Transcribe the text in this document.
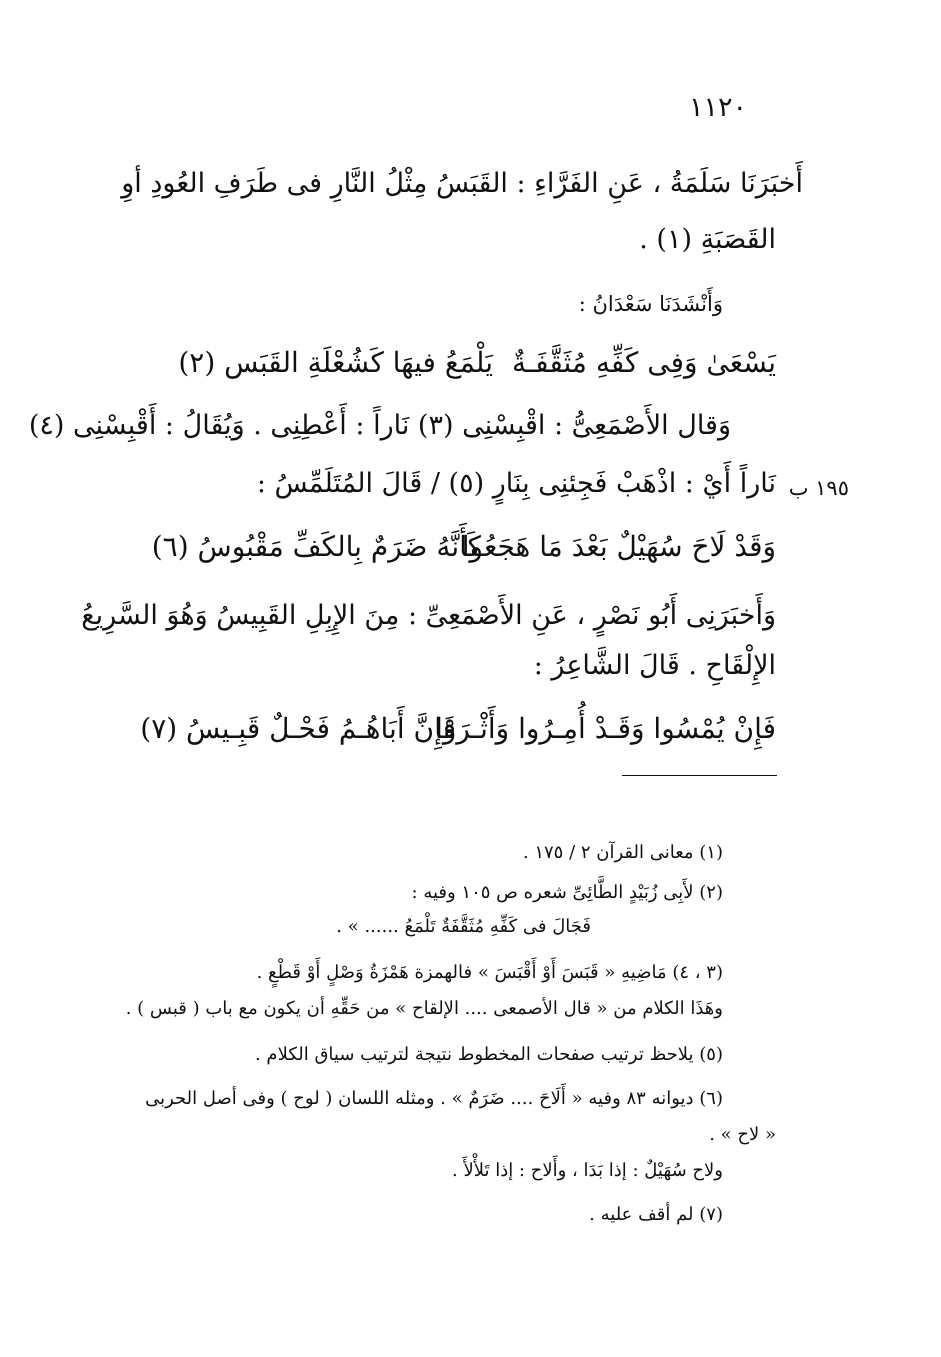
١١٢٠
أَخبَرَنَا سَلَمَةُ ، عَنِ الفَرَّاءِ : القَبَسُ مِثْلُ النَّارِ فى طَرَفِ العُودِ أوِ
القَصَبَةِ (١) .
وَأَنْشَدَنَا سَعْدَانُ :
يَسْعَىٰ وَفِى كَفِّهِ مُثَقَّفَـةٌ
يَلْمَعُ فيهَا كَشُعْلَةِ القَبَس (٢)
وَقال الأَصْمَعِىُّ : اقْبِسْنِى (٣) نَاراً : أَعْطِنِى . وَيُقَالُ : أَقْبِسْنِى (٤)
١٩٥ ب
نَاراً أَيْ : اذْهَبْ فَجِئنِى بِنَارٍ (٥) / قَالَ المُتَلَمِّسُ :
وَقَدْ لَاحَ سُهَيْلٌ بَعْدَ مَا هَجَعُوا
كَأَنَّهُ ضَرَمٌ بِالكَفِّ مَقْبُوسُ (٦)
وَأَخبَرَنِى أَبُو نَصْرٍ ، عَنِ الأَصْمَعِىِّ : مِنَ الإِبِلِ القَبِيسُ وَهُوَ السَّرِيعُ
الإِلْقَاحِ . قَالَ الشَّاعِرُ :
فَإِنْ يُمْسُوا وَقَـدْ أُمِـرُوا وَأَثْـرَوْا
فَإِنَّ أَبَاهُـمُ فَحْـلٌ قَبِـيسُ (٧)
(١) معانى القرآن ٢ / ١٧٥ .
(٢) لأَبِى زُبَيْدٍ الطَّائِىِّ شعره ص ١٠٥ وفيه :
فَجَالَ فى كَفِّهِ مُثَقَّفَةٌ تَلْمَعُ ...... » .
(٣ ، ٤) مَاضِيهِ « قَبَسَ أَوْ أَقْبَسَ » فالهمزة هَمْزَةُ وَصْلٍ أَوْ قَطْعٍ .
وهَذَا الكلام من « قال الأصمعى .... الإلقاح » من حَقِّهِ أن يكون مع باب ( قبس ) .
(٥) يلاحظ ترتيب صفحات المخطوط نتيجة لترتيب سياق الكلام .
(٦) ديوانه ٨٣ وفيه « أَلَاحَ .... ضَرَمٌ » . ومثله اللسان ( لوح ) وفى أصل الحربى
« لاح » .
ولاح سُهَيْلٌ : إذا بَدَا ، وأَلاح : إذا تَلأْلأَ .
(٧) لم أقف عليه .
